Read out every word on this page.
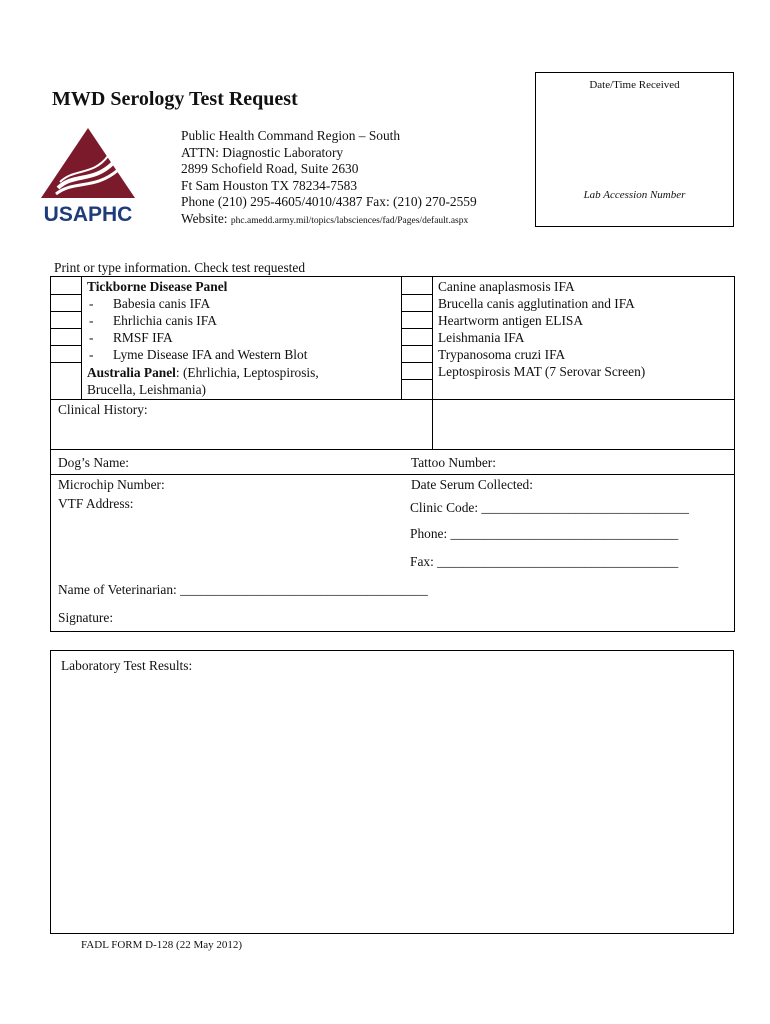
MWD Serology Test Request
USAPHC
Public Health Command Region – South
ATTN: Diagnostic Laboratory
2899 Schofield Road, Suite 2630
Ft Sam Houston TX 78234-7583
Phone (210) 295-4605/4010/4387 Fax: (210) 270-2559
Website: phc.amedd.army.mil/topics/labsciences/fad/Pages/default.aspx
Date/Time Received
Lab Accession Number
Print or type information. Check test requested
Tickborne Disease Panel
- Babesia canis IFA
- Ehrlichia canis IFA
- RMSF IFA
- Lyme Disease IFA and Western Blot
Australia Panel: (Ehrlichia, Leptospirosis,
Brucella, Leishmania)
Canine anaplasmosis IFA
Brucella canis agglutination and IFA
Heartworm antigen ELISA
Leishmania IFA
Trypanosoma cruzi IFA
Leptospirosis MAT (7 Serovar Screen)
Clinical History:
Dog’s Name:	Tattoo Number:
Microchip Number:	Date Serum Collected:
VTF Address:	Clinic Code: _______________________________
Phone: __________________________________
Fax: ____________________________________
Name of Veterinarian: _____________________________________
Signature:
Laboratory Test Results:
FADL FORM D-128 (22 May 2012)
